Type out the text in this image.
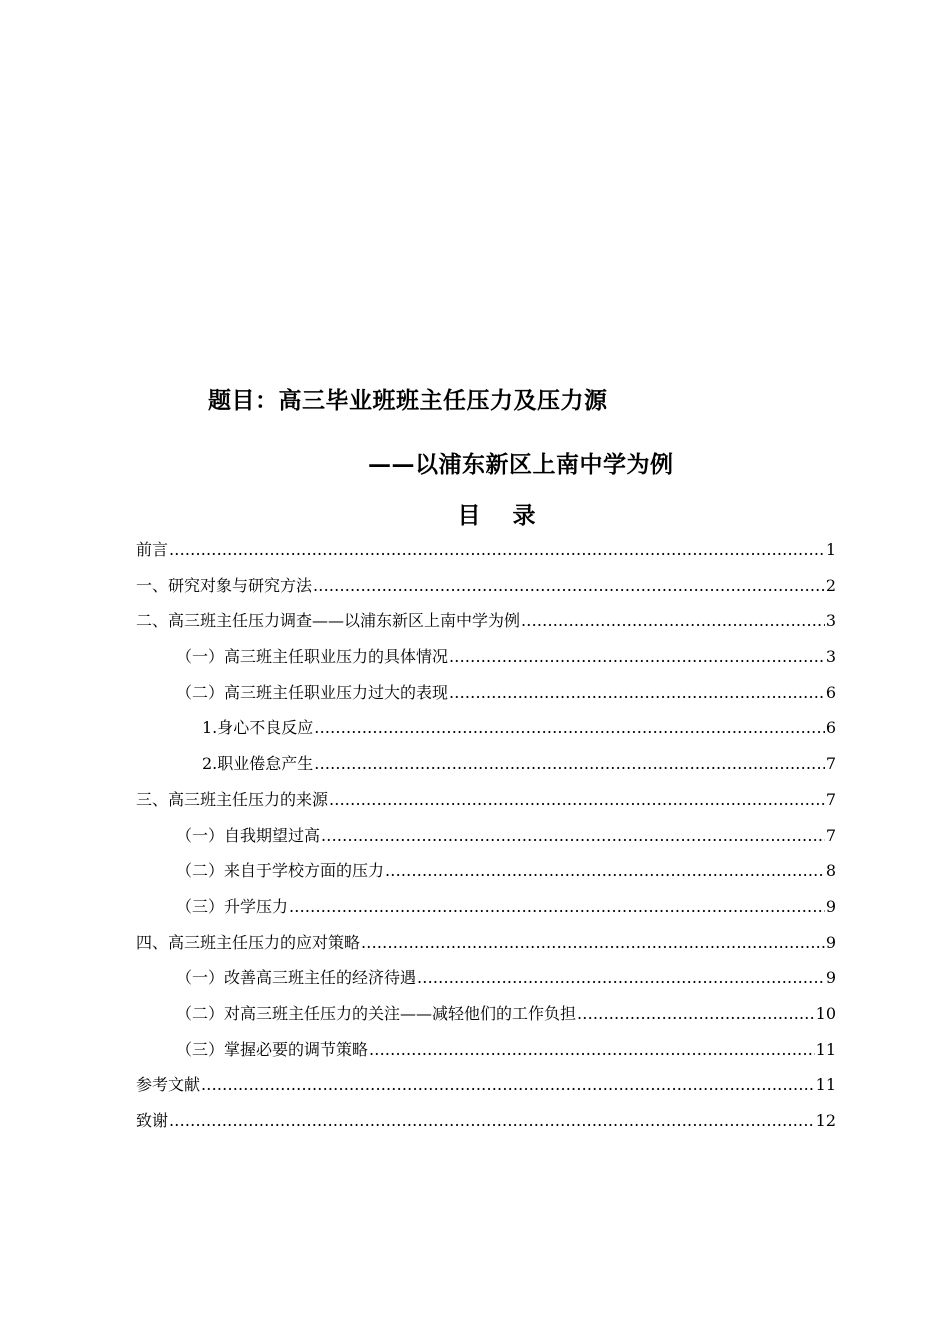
题目：高三毕业班班主任压力及压力源
——以浦东新区上南中学为例
目 录
前言 .....	1
一、研究对象与研究方法 .....	2
二、高三班主任压力调查——以浦东新区上南中学为例 .....	3
（一）高三班主任职业压力的具体情况 .....	3
（二）高三班主任职业压力过大的表现 .....	6
1.身心不良反应 .....	6
2.职业倦怠产生 .....	7
三、高三班主任压力的来源 .....	7
（一）自我期望过高 .....	7
（二）来自于学校方面的压力 .....	8
（三）升学压力 .....	9
四、高三班主任压力的应对策略 .....	9
（一）改善高三班主任的经济待遇 .....	9
（二）对高三班主任压力的关注——减轻他们的工作负担 .....	10
（三）掌握必要的调节策略 .....	11
参考文献 .....	11
致谢 .....	12
